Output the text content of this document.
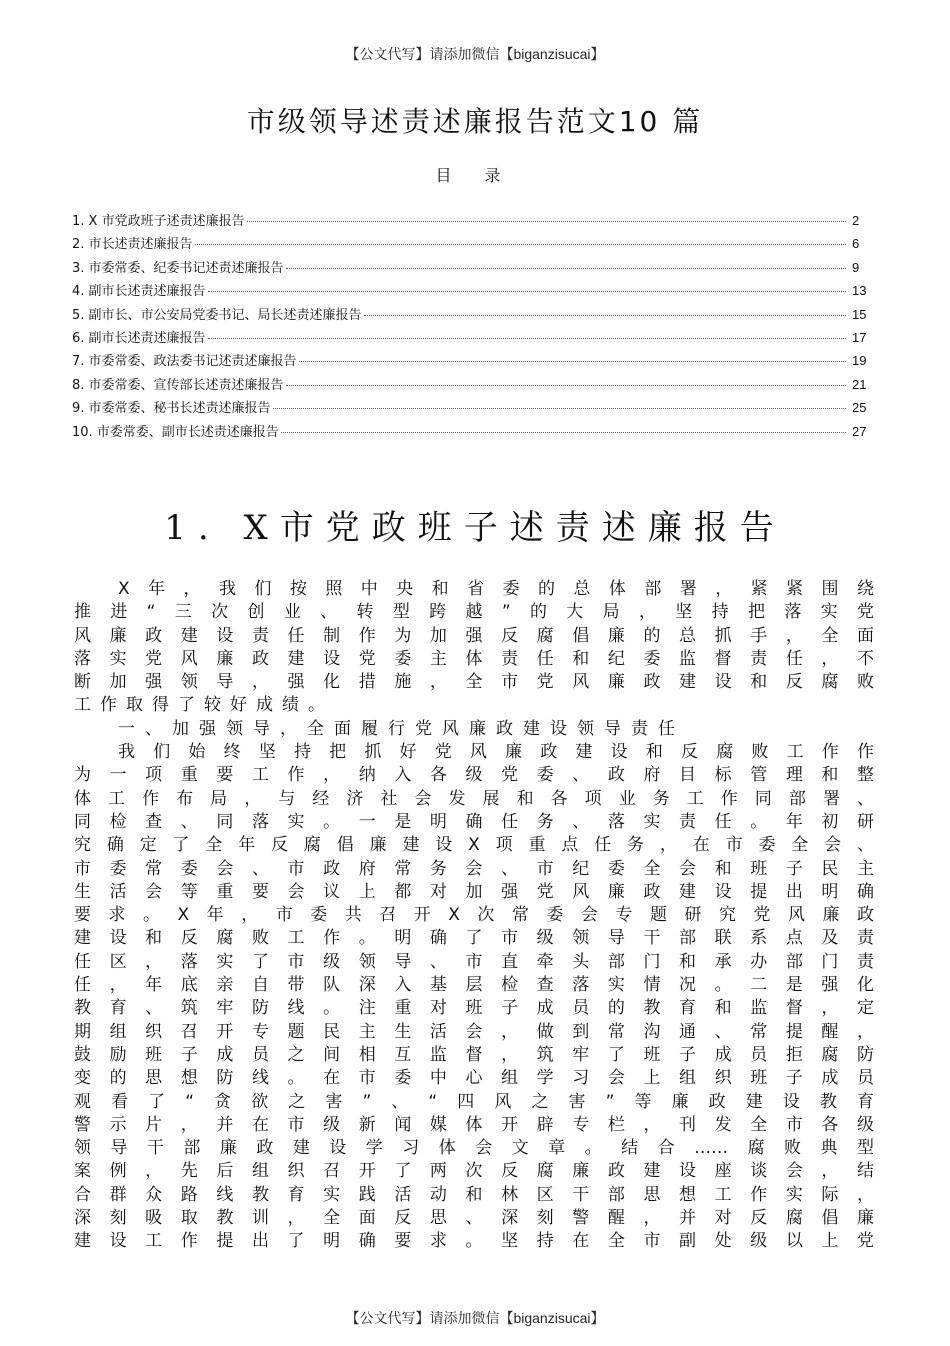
【公文代写】请添加微信【biganzisucai】
市级领导述责述廉报告范文10 篇
目 录
1. X 市党政班子述责述廉报告	2
2. 市长述责述廉报告	6
3. 市委常委、纪委书记述责述廉报告	9
4. 副市长述责述廉报告	13
5. 副市长、市公安局党委书记、局长述责述廉报告	15
6. 副市长述责述廉报告	17
7. 市委常委、政法委书记述责述廉报告	19
8. 市委常委、宣传部长述责述廉报告	21
9. 市委常委、秘书长述责述廉报告	25
10. 市委常委、副市长述责述廉报告	27
1. X市党政班子述责述廉报告
X年，我们按照中央和省委的总体部署，紧紧围绕
推进“三次创业、转型跨越”的大局，坚持把落实党
风廉政建设责任制作为加强反腐倡廉的总抓手，全面
落实党风廉政建设党委主体责任和纪委监督责任，不
断加强领导，强化措施，全市党风廉政建设和反腐败
工作取得了较好成绩。
一、加强领导，全面履行党风廉政建设领导责任
我们始终坚持把抓好党风廉政建设和反腐败工作作
为一项重要工作，纳入各级党委、政府目标管理和整
体工作布局，与经济社会发展和各项业务工作同部署、
同检查、同落实。一是明确任务、落实责任。年初研
究确定了全年反腐倡廉建设X项重点任务，在市委全会、
市委常委会、市政府常务会、市纪委全会和班子民主
生活会等重要会议上都对加强党风廉政建设提出明确
要求。X年，市委共召开X次常委会专题研究党风廉政
建设和反腐败工作。明确了市级领导干部联系点及责
任区，落实了市级领导、市直牵头部门和承办部门责
任，年底亲自带队深入基层检查落实情况。二是强化
教育、筑牢防线。注重对班子成员的教育和监督，定
期组织召开专题民主生活会，做到常沟通、常提醒，
鼓励班子成员之间相互监督，筑牢了班子成员拒腐防
变的思想防线。在市委中心组学习会上组织班子成员
观看了“贪欲之害”、“四风之害”等廉政建设教育
警示片，并在市级新闻媒体开辟专栏，刊发全市各级
领导干部廉政建设学习体会文章。结合……腐败典型
案例，先后组织召开了两次反腐廉政建设座谈会，结
合群众路线教育实践活动和林区干部思想工作实际，
深刻吸取教训，全面反思、深刻警醒，并对反腐倡廉
建设工作提出了明确要求。坚持在全市副处级以上党
【公文代写】请添加微信【biganzisucai】
